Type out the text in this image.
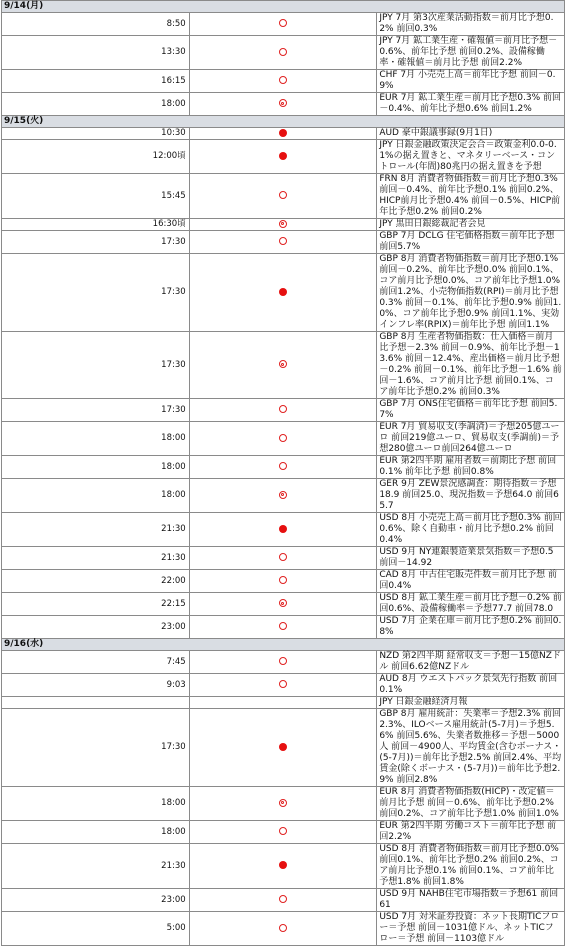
9/14(月)		
8:50		JPY 7月 第3次産業活動指数＝前月比予想0.2% 前回0.3%
13:30		JPY 7月 鉱工業生産・確報値＝前月比予想－0.6%、前年比予想 前回0.2%、設備稼働率・確報値＝前月比予想 前回2.2%
16:15		CHF 7月 小売売上高＝前年比予想 前回－0.9%
18:00		EUR 7月 鉱工業生産＝前月比予想0.3% 前回－0.4%、前年比予想0.6% 前回1.2%
9/15(火)		
10:30		AUD 豪中銀議事録(9月1日)
12:00頃		JPY 日銀金融政策決定会合＝政策金利0.0-0.1%の据え置きと、マネタリーベース・コントロール(年間)80兆円の据え置きを予想
15:45		FRN 8月 消費者物価指数＝前月比予想0.3% 前回－0.4%、前年比予想0.1% 前回0.2%、HICP前月比予想0.4% 前回－0.5%、HICP前年比予想0.2% 前回0.2%
16:30頃		JPY 黒田日銀総裁記者会見
17:30		GBP 7月 DCLG 住宅価格指数＝前年比予想 前回5.7%
17:30		GBP 8月 消費者物価指数＝前月比予想0.1% 前回－0.2%、前年比予想0.0% 前回0.1%、コア前月比予想0.0%、コア前年比予想1.0% 前回1.2%、小売物価指数(RPI)＝前月比予想0.3% 前回－0.1%、前年比予想0.9% 前回1.0%、コア前年比予想0.9% 前回1.1%、実効インフレ率(RPIX)＝前年比予想 前回1.1%
17:30		GBP 8月 生産者物価指数：仕入価格＝前月比予想－2.3% 前回－0.9%、前年比予想－13.6% 前回－12.4%、産出価格＝前月比予想－0.2% 前回－0.1%、前年比予想－1.6% 前回－1.6%、コア前月比予想 前回0.1%、コア前年比予想0.2% 前回0.3%
17:30		GBP 7月 ONS住宅価格＝前年比予想 前回5.7%
18:00		EUR 7月 貿易収支(季調済)＝予想205億ユーロ 前回219億ユーロ、貿易収支(季調前)＝予想280億ユーロ前回264億ユーロ
18:00		EUR 第2四半期 雇用者数＝前期比予想 前回0.1% 前年比予想 前回0.8%
18:00		GER 9月 ZEW景況感調査：期待指数＝予想18.9 前回25.0、現況指数＝予想64.0 前回65.7
21:30		USD 8月 小売売上高＝前月比予想0.3% 前回0.6%、除く自動車・前月比予想0.2% 前回0.4%
21:30		USD 9月 NY連銀製造業景気指数＝予想0.5 前回－14.92
22:00		CAD 8月 中古住宅販売件数＝前月比予想 前回0.4%
22:15		USD 8月 鉱工業生産＝前月比予想－0.2% 前回0.6%、設備稼働率＝予想77.7 前回78.0
23:00		USD 7月 企業在庫＝前月比予想0.2% 前回0.8%
9/16(水)		
7:45		NZD 第2四半期 経常収支＝予想－15億NZドル 前回6.62億NZドル
9:03		AUD 8月 ウエストパック景気先行指数 前回0.1%
		JPY 日銀金融経済月報
17:30		GBP 8月 雇用統計：失業率＝予想2.3% 前回2.3%、ILOベース雇用統計(5-7月)＝予想5.6% 前回5.6%、失業者数推移＝予想－5000人 前回－4900人、平均賃金(含むボーナス・(5-7月))＝前年比予想2.5% 前回2.4%、平均賃金(除くボーナス・(5-7月))＝前年比予想2.9% 前回2.8%
18:00		EUR 8月 消費者物価指数(HICP)・改定値＝前月比予想 前回－0.6%、前年比予想0.2% 前回0.2%、コア前年比予想1.0% 前回1.0%
18:00		EUR 第2四半期 労働コスト＝前年比予想 前回2.2%
21:30		USD 8月 消費者物価指数＝前月比予想0.0% 前回0.1%、前年比予想0.2% 前回0.2%、コア前月比予想0.1% 前回0.1%、コア前年比予想1.8% 前回1.8%
23:00		USD 9月 NAHB住宅市場指数＝予想61 前回61
5:00		USD 7月 対米証券投資：ネット長期TICフロー＝予想 前回－1031億ドル、ネットTICフロー＝予想 前回－1103億ドル
